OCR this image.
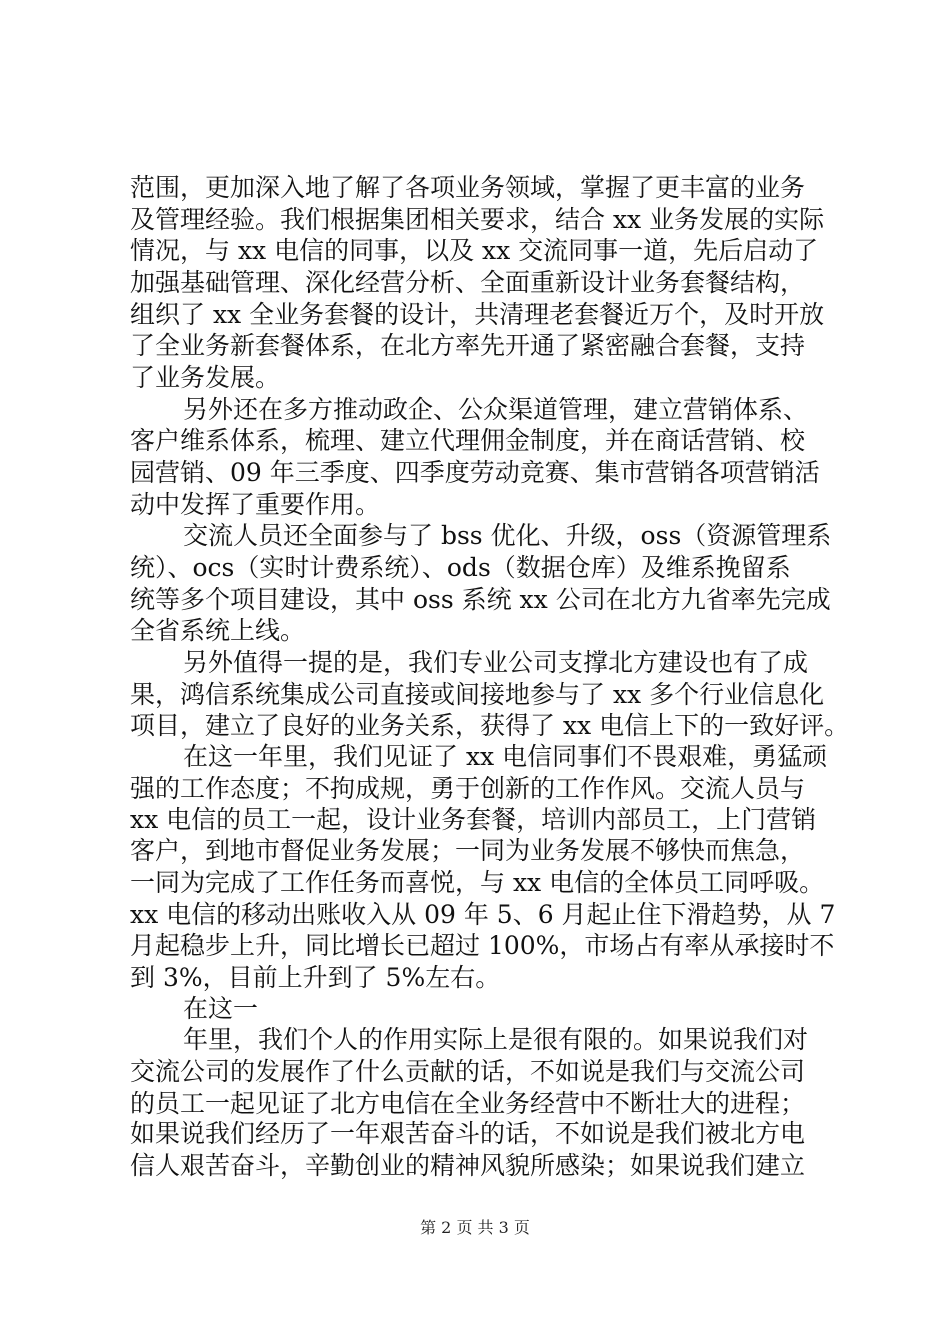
范围，更加深入地了解了各项业务领域，掌握了更丰富的业务
及管理经验。我们根据集团相关要求，结合 xx 业务发展的实际
情况，与 xx 电信的同事，以及 xx 交流同事一道，先后启动了
加强基础管理、深化经营分析、全面重新设计业务套餐结构，
组织了 xx 全业务套餐的设计，共清理老套餐近万个，及时开放
了全业务新套餐体系，在北方率先开通了紧密融合套餐，支持
了业务发展。
另外还在多方推动政企、公众渠道管理，建立营销体系、
客户维系体系，梳理、建立代理佣金制度，并在商话营销、校
园营销、09 年三季度、四季度劳动竞赛、集市营销各项营销活
动中发挥了重要作用。
交流人员还全面参与了 bss 优化、升级，oss（资源管理系
统）、ocs（实时计费系统）、ods（数据仓库）及维系挽留系
统等多个项目建设，其中 oss 系统 xx 公司在北方九省率先完成
全省系统上线。
另外值得一提的是，我们专业公司支撑北方建设也有了成
果，鸿信系统集成公司直接或间接地参与了 xx 多个行业信息化
项目，建立了良好的业务关系，获得了 xx 电信上下的一致好评。
在这一年里，我们见证了 xx 电信同事们不畏艰难，勇猛顽
强的工作态度；不拘成规，勇于创新的工作作风。交流人员与
xx 电信的员工一起，设计业务套餐，培训内部员工，上门营销
客户，到地市督促业务发展；一同为业务发展不够快而焦急，
一同为完成了工作任务而喜悦，与 xx 电信的全体员工同呼吸。
xx 电信的移动出账收入从 09 年 5、6 月起止住下滑趋势，从 7
月起稳步上升，同比增长已超过 100%，市场占有率从承接时不
到 3%，目前上升到了 5%左右。
在这一
年里，我们个人的作用实际上是很有限的。如果说我们对
交流公司的发展作了什么贡献的话，不如说是我们与交流公司
的员工一起见证了北方电信在全业务经营中不断壮大的进程；
如果说我们经历了一年艰苦奋斗的话，不如说是我们被北方电
信人艰苦奋斗，辛勤创业的精神风貌所感染；如果说我们建立
第 2 页 共 3 页
